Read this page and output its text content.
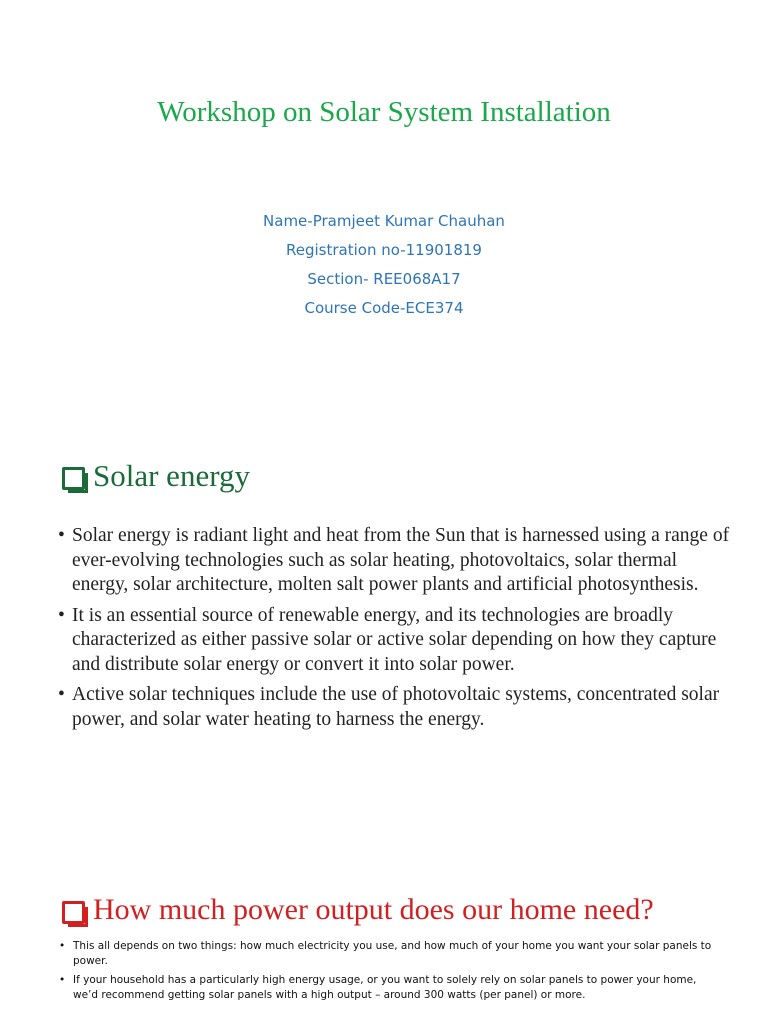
Workshop on Solar System Installation
Name-Pramjeet Kumar Chauhan
Registration no-11901819
Section- REE068A17
Course Code-ECE374
Solar energy
• Solar energy is radiant light and heat from the Sun that is harnessed using a range of ever-evolving technologies such as solar heating, photovoltaics, solar thermal energy, solar architecture, molten salt power plants and artificial photosynthesis.
• It is an essential source of renewable energy, and its technologies are broadly characterized as either passive solar or active solar depending on how they capture and distribute solar energy or convert it into solar power.
• Active solar techniques include the use of photovoltaic systems, concentrated solar power, and solar water heating to harness the energy.
How much power output does our home need?
• This all depends on two things: how much electricity you use, and how much of your home you want your solar panels to power.
• If your household has a particularly high energy usage, or you want to solely rely on solar panels to power your home, we’d recommend getting solar panels with a high output – around 300 watts (per panel) or more.
